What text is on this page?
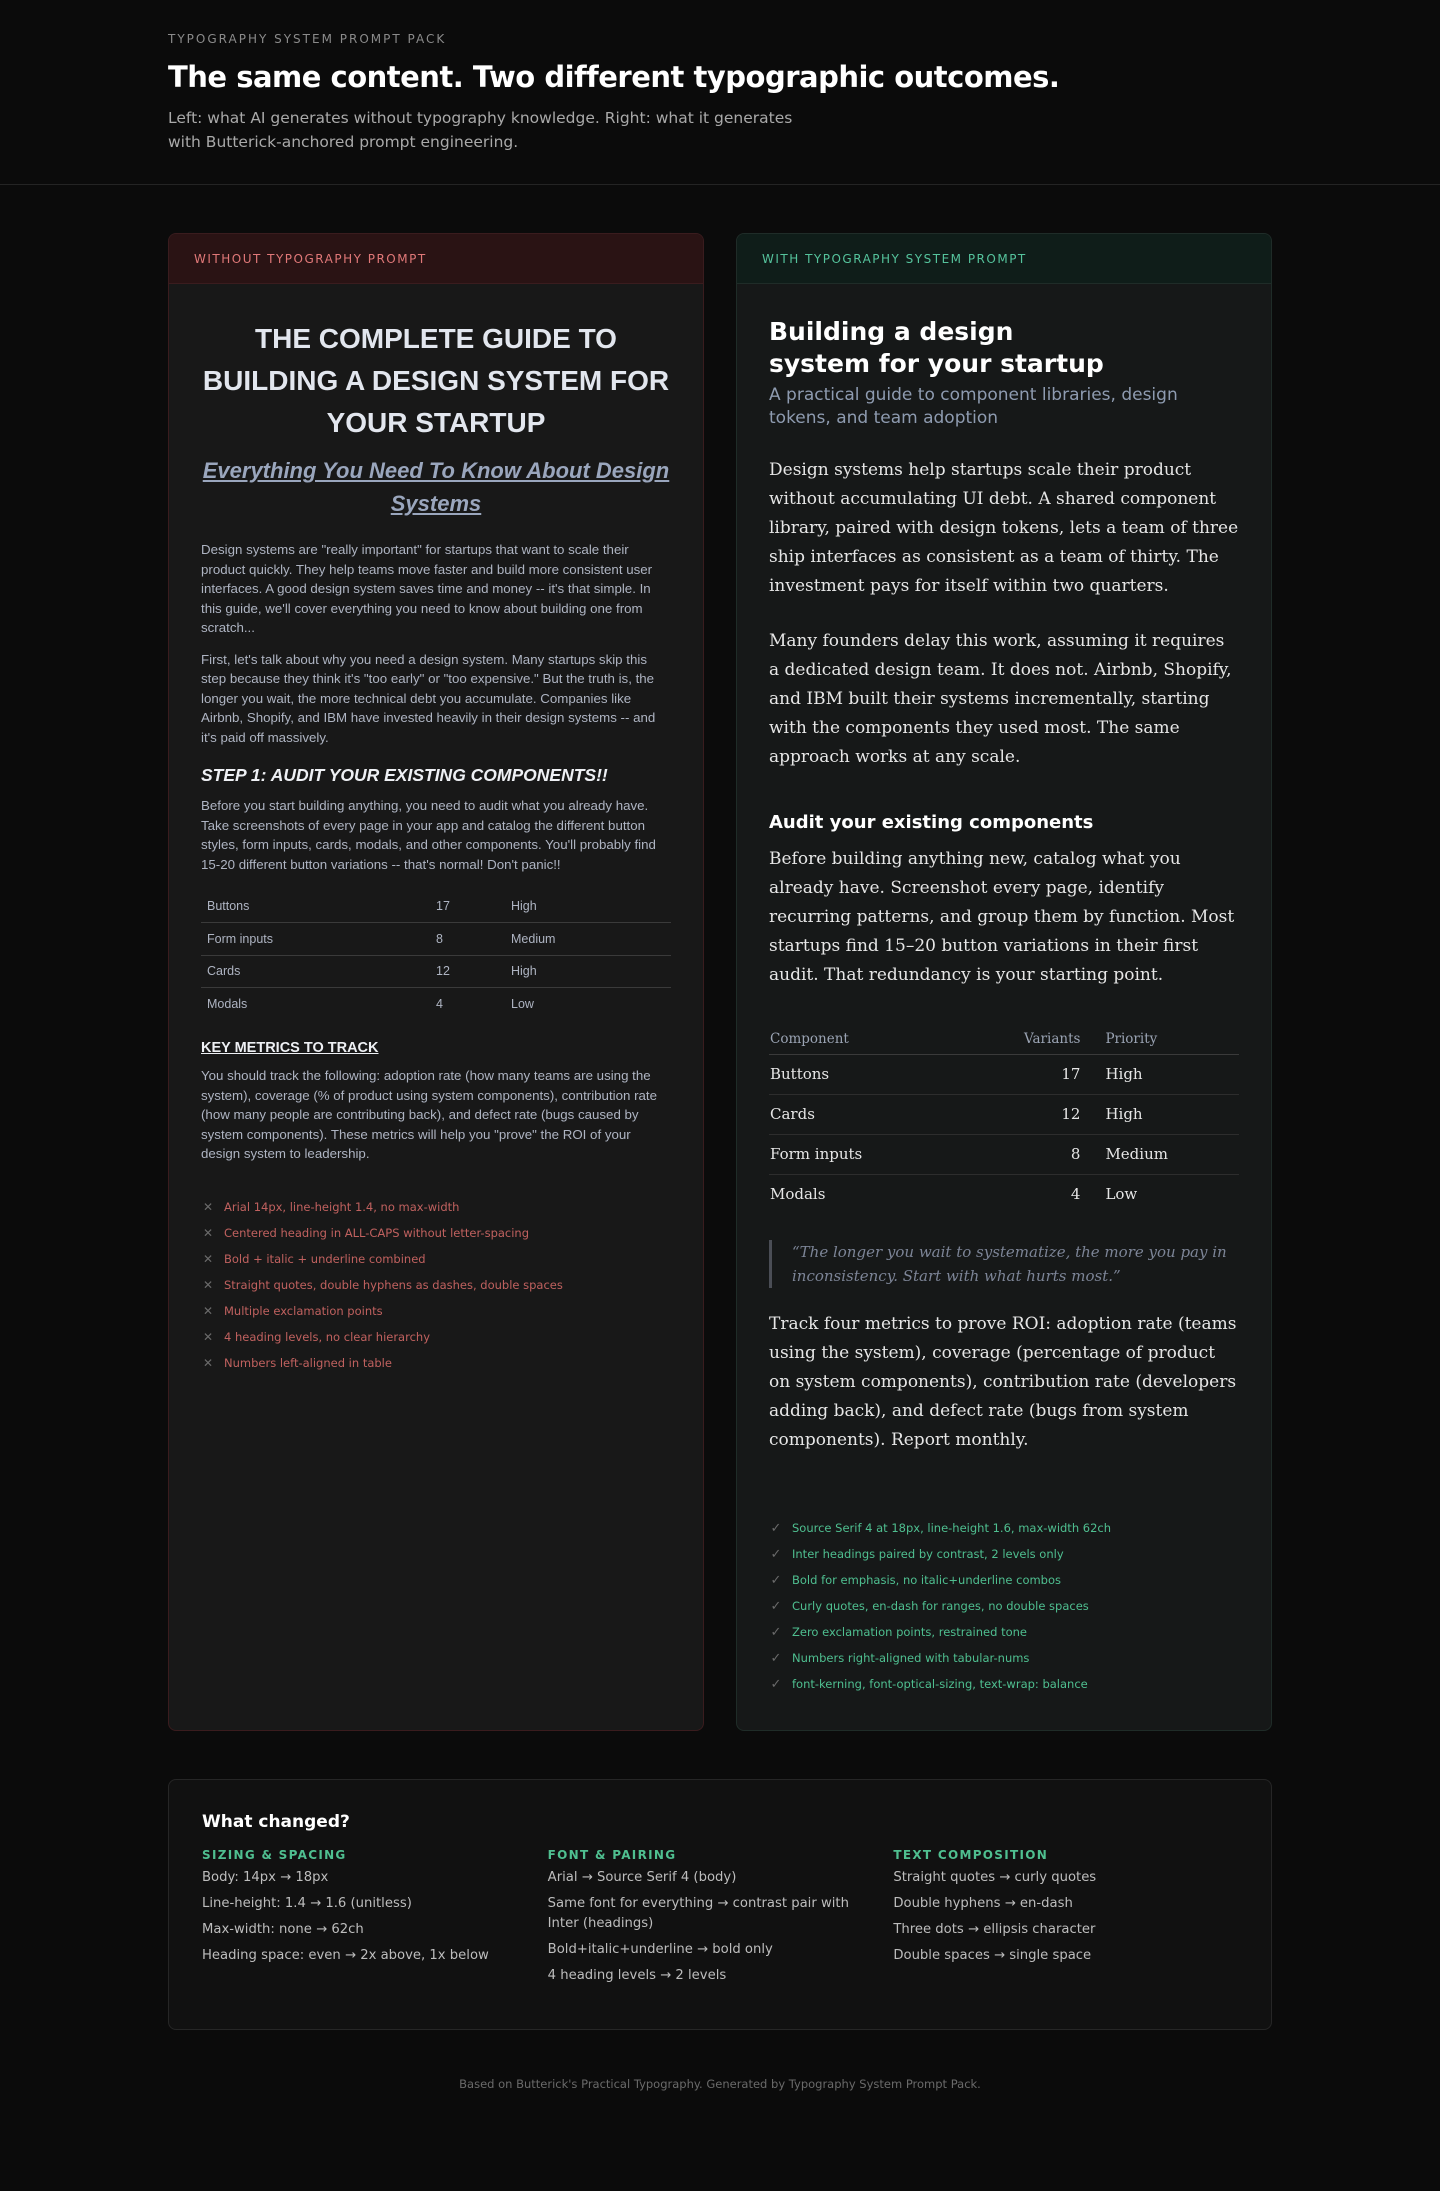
TYPOGRAPHY SYSTEM PROMPT PACK
The same content. Two different typographic outcomes.

Left: what AI generates without typography knowledge. Right: what it generates with Butterick-anchored prompt engineering.

WITHOUT TYPOGRAPHY PROMPT
THE COMPLETE GUIDE TO BUILDING A DESIGN SYSTEM FOR YOUR STARTUP
Everything You Need To Know About Design Systems

Design systems are "really important" for startups that want to scale their product quickly. They help teams move faster and build more consistent user interfaces. A good design system saves time and money -- it's that simple. In this guide, we'll cover everything you need to know about building one from scratch...

First, let's talk about why you need a design system. Many startups skip this step because they think it's "too early" or "too expensive." But the truth is, the longer you wait, the more technical debt you accumulate. Companies like Airbnb, Shopify, and IBM have invested heavily in their design systems -- and it's paid off massively.

STEP 1: AUDIT YOUR EXISTING COMPONENTS!!

Before you start building anything, you need to audit what you already have. Take screenshots of every page in your app and catalog the different button styles, form inputs, cards, modals, and other components. You'll probably find 15-20 different button variations -- that's normal! Don't panic!!

Buttons	17	High
Form inputs	8	Medium
Cards	12	High
Modals	4	Low
KEY METRICS TO TRACK

You should track the following: adoption rate (how many teams are using the system), coverage (% of product using system components), contribution rate (how many people are contributing back), and defect rate (bugs caused by system components). These metrics will help you "prove" the ROI of your design system to leadership.

✕ Arial 14px, line-height 1.4, no max-width
✕ Centered heading in ALL-CAPS without letter-spacing
✕ Bold + italic + underline combined
✕ Straight quotes, double hyphens as dashes, double spaces
✕ Multiple exclamation points
✕ 4 heading levels, no clear hierarchy
✕ Numbers left-aligned in table
WITH TYPOGRAPHY SYSTEM PROMPT
Building a design
system for your startup

A practical guide to component libraries, design tokens, and team adoption

Design systems help startups scale their product without accumulating UI debt. A shared component library, paired with design tokens, lets a team of three ship interfaces as consistent as a team of thirty. The investment pays for itself within two quarters.

Many founders delay this work, assuming it requires a dedicated design team. It does not. Airbnb, Shopify, and IBM built their systems incrementally, starting with the components they used most. The same approach works at any scale.

Audit your existing components

Before building anything new, catalog what you already have. Screenshot every page, identify recurring patterns, and group them by function. Most startups find 15–20 button variations in their first audit. That redundancy is your starting point.

Component	Variants	Priority
Buttons	17	High
Cards	12	High
Form inputs	8	Medium
Modals	4	Low
“The longer you wait to systematize, the more you pay in inconsistency. Start with what hurts most.”

Track four metrics to prove ROI: adoption rate (teams using the system), coverage (percentage of product on system components), contribution rate (developers adding back), and defect rate (bugs from system components). Report monthly.

✓ Source Serif 4 at 18px, line-height 1.6, max-width 62ch
✓ Inter headings paired by contrast, 2 levels only
✓ Bold for emphasis, no italic+underline combos
✓ Curly quotes, en-dash for ranges, no double spaces
✓ Zero exclamation points, restrained tone
✓ Numbers right-aligned with tabular-nums
✓ font-kerning, font-optical-sizing, text-wrap: balance
What changed?
SIZING & SPACING
Body: 14px → 18px
Line-height: 1.4 → 1.6 (unitless)
Max-width: none → 62ch
Heading space: even → 2x above, 1x below
FONT & PAIRING
Arial → Source Serif 4 (body)
Same font for everything → contrast pair with Inter (headings)
Bold+italic+underline → bold only
4 heading levels → 2 levels
TEXT COMPOSITION
Straight quotes → curly quotes
Double hyphens → en-dash
Three dots → ellipsis character
Double spaces → single space
Based on Butterick's Practical Typography. Generated by Typography System Prompt Pack.
